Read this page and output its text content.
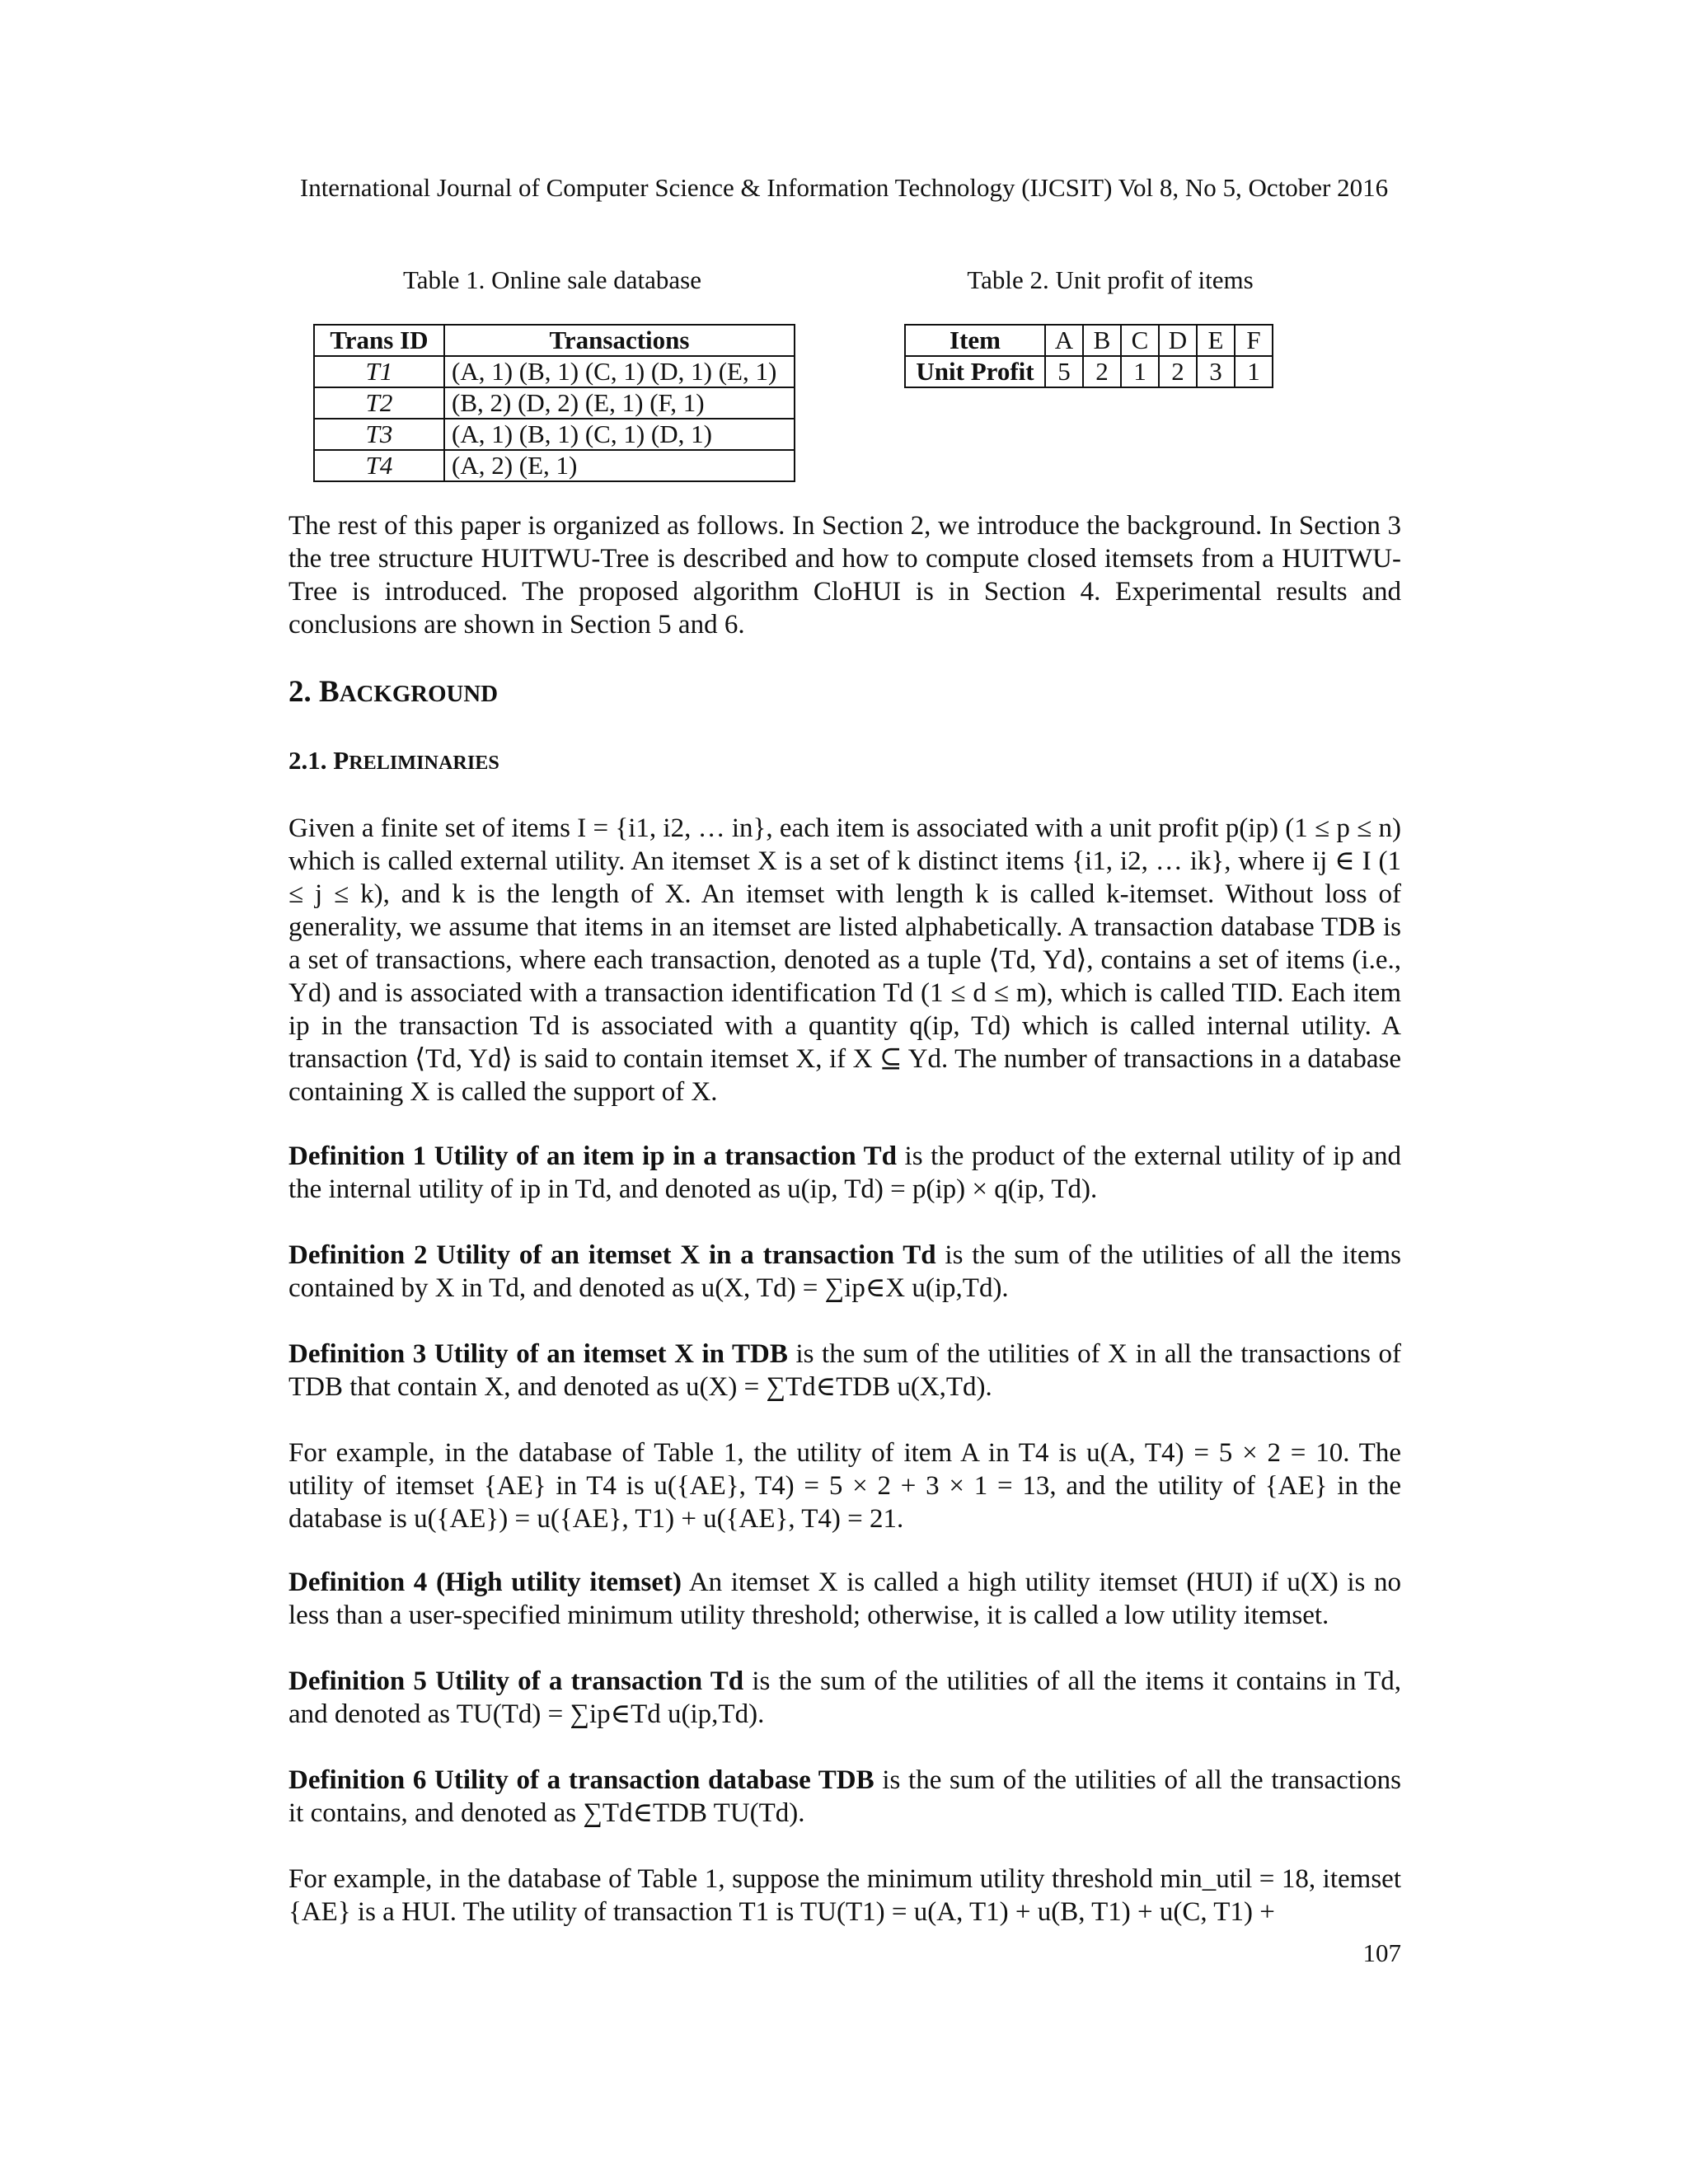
International Journal of Computer Science & Information Technology (IJCSIT) Vol 8, No 5, October 2016
Table 1. Online sale database	Table 2. Unit profit of items
Trans ID	Transactions
T1	(A, 1) (B, 1) (C, 1) (D, 1) (E, 1)
T2	(B, 2) (D, 2) (E, 1) (F, 1)
T3	(A, 1) (B, 1) (C, 1) (D, 1)
T4	(A, 2) (E, 1)
Item	A	B	C	D	E	F
Unit Profit	5	2	1	2	3	1

The rest of this paper is organized as follows. In Section 2, we introduce the background. In Section 3 the tree structure HUITWU-Tree is described and how to compute closed itemsets from a HUITWU-Tree is introduced. The proposed algorithm CloHUI is in Section 4. Experimental results and conclusions are shown in Section 5 and 6.

2. BACKGROUND
2.1. PRELIMINARIES

Given a finite set of items I = {i1, i2, … in}, each item is associated with a unit profit p(ip) (1 ≤ p ≤ n) which is called external utility. An itemset X is a set of k distinct items {i1, i2, … ik}, where ij ∈ I (1 ≤ j ≤ k), and k is the length of X. An itemset with length k is called k-itemset. Without loss of generality, we assume that items in an itemset are listed alphabetically. A transaction database TDB is a set of transactions, where each transaction, denoted as a tuple ⟨Td, Yd⟩, contains a set of items (i.e., Yd) and is associated with a transaction identification Td (1 ≤ d ≤ m), which is called TID. Each item ip in the transaction Td is associated with a quantity q(ip, Td) which is called internal utility. A transaction ⟨Td, Yd⟩ is said to contain itemset X, if X ⊆ Yd. The number of transactions in a database containing X is called the support of X.

Definition 1 Utility of an item ip in a transaction Td is the product of the external utility of ip and the internal utility of ip in Td, and denoted as u(ip, Td) = p(ip) × q(ip, Td).

Definition 2 Utility of an itemset X in a transaction Td is the sum of the utilities of all the items contained by X in Td, and denoted as u(X, Td) = ∑ip∈X u(ip,Td).

Definition 3 Utility of an itemset X in TDB is the sum of the utilities of X in all the transactions of TDB that contain X, and denoted as u(X) = ∑Td∈TDB u(X,Td).

For example, in the database of Table 1, the utility of item A in T4 is u(A, T4) = 5 × 2 = 10. The utility of itemset {AE} in T4 is u({AE}, T4) = 5 × 2 + 3 × 1 = 13, and the utility of {AE} in the database is u({AE}) = u({AE}, T1) + u({AE}, T4) = 21.

Definition 4 (High utility itemset) An itemset X is called a high utility itemset (HUI) if u(X) is no less than a user-specified minimum utility threshold; otherwise, it is called a low utility itemset.

Definition 5 Utility of a transaction Td is the sum of the utilities of all the items it contains in Td, and denoted as TU(Td) = ∑ip∈Td u(ip,Td).

Definition 6 Utility of a transaction database TDB is the sum of the utilities of all the transactions it contains, and denoted as ∑Td∈TDB TU(Td).

For example, in the database of Table 1, suppose the minimum utility threshold min_util = 18, itemset {AE} is a HUI. The utility of transaction T1 is TU(T1) = u(A, T1) + u(B, T1) + u(C, T1) +

107
